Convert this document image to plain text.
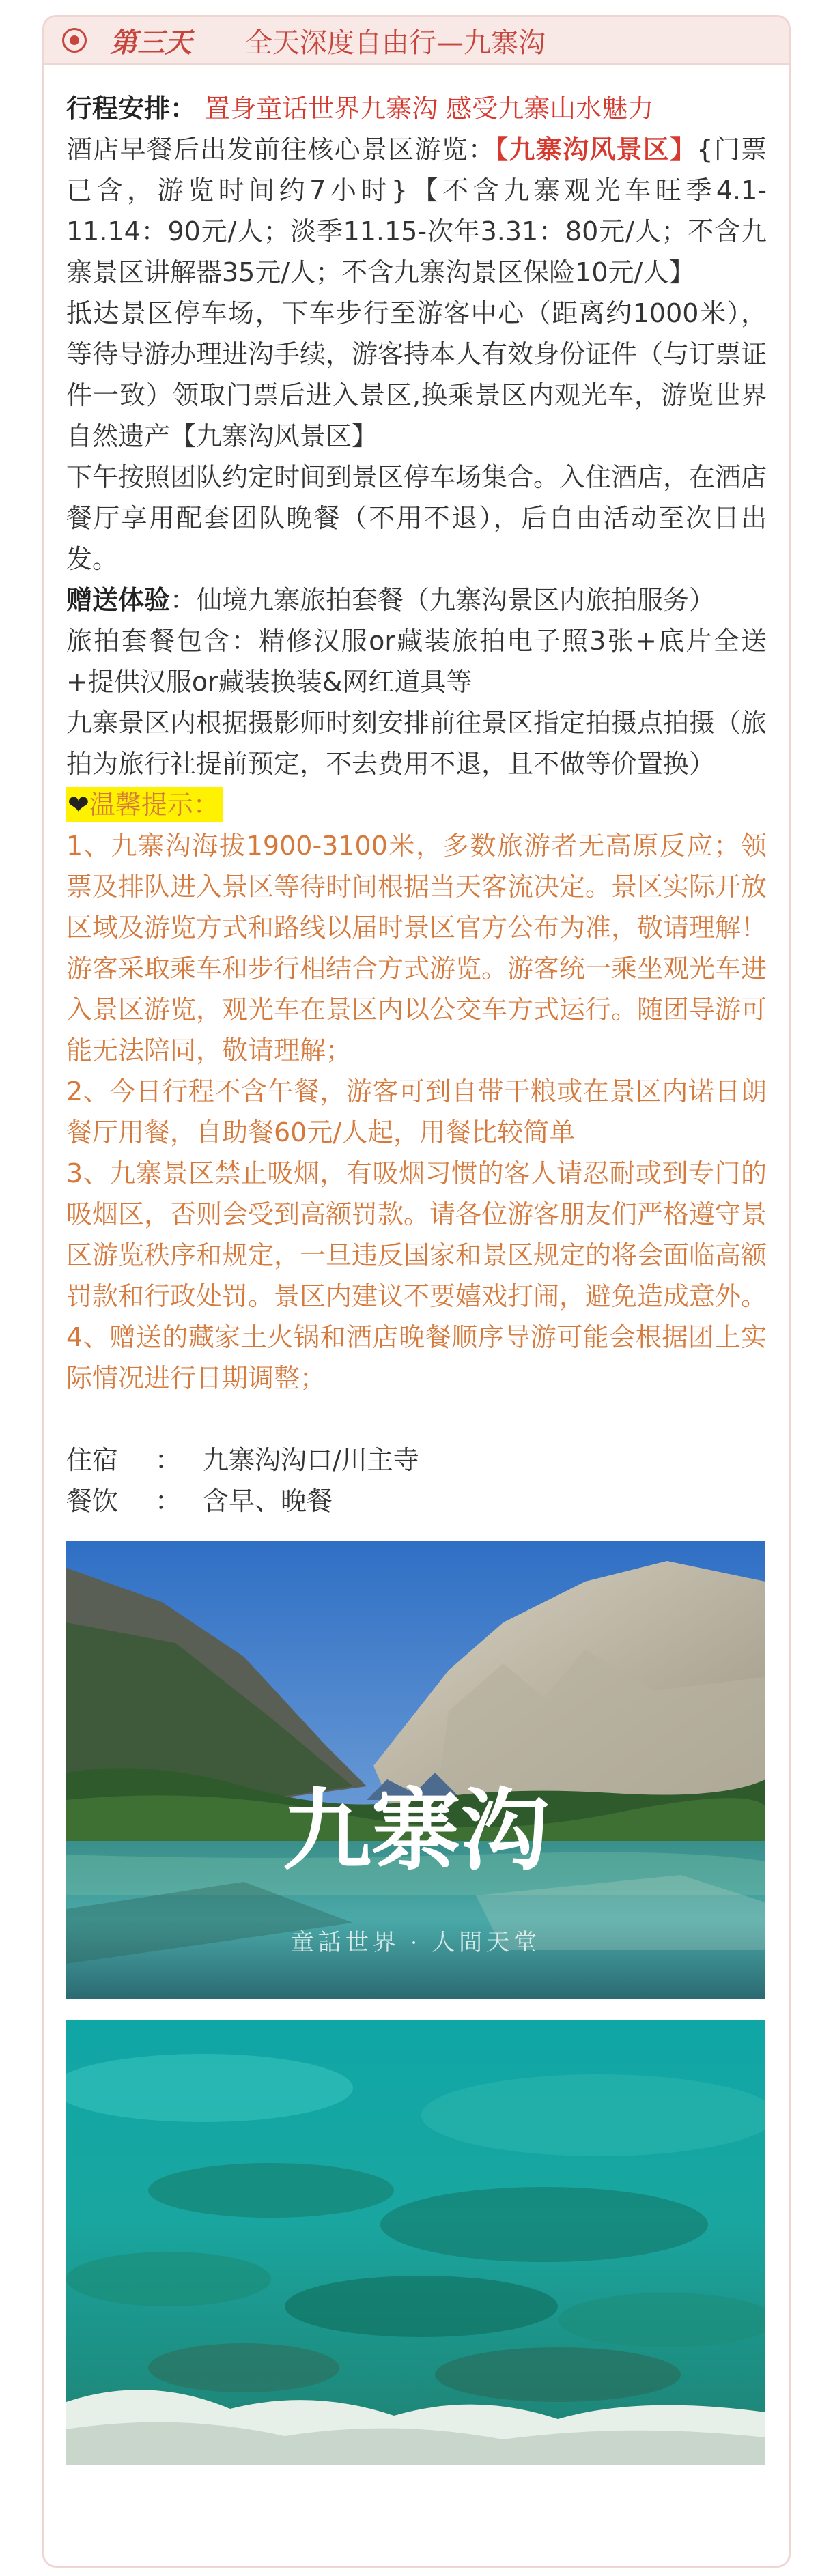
第三天 全天深度自由行—九寨沟

行程安排： 置身童话世界九寨沟 感受九寨山水魅力

酒店早餐后出发前往核心景区游览：【九寨沟风景区】{门票已含，游览时间约7小时}【不含九寨观光车旺季4.1-11.14：90元/人；淡季11.15-次年3.31：80元/人；不含九寨景区讲解器35元/人；不含九寨沟景区保险10元/人】

抵达景区停车场，下车步行至游客中心（距离约1000米），等待导游办理进沟手续，游客持本人有效身份证件（与订票证件一致）领取门票后进入景区,换乘景区内观光车，游览世界自然遗产【九寨沟风景区】

下午按照团队约定时间到景区停车场集合。入住酒店，在酒店餐厅享用配套团队晚餐（不用不退），后自由活动至次日出发。

赠送体验：仙境九寨旅拍套餐（九寨沟景区内旅拍服务）

旅拍套餐包含：精修汉服or藏装旅拍电子照3张+底片全送+提供汉服or藏装换装&网红道具等

九寨景区内根据摄影师时刻安排前往景区指定拍摄点拍摄（旅拍为旅行社提前预定，不去费用不退，且不做等价置换）

❤温馨提示：

1、九寨沟海拔1900-3100米，多数旅游者无高原反应；领票及排队进入景区等待时间根据当天客流决定。景区实际开放区域及游览方式和路线以届时景区官方公布为准，敬请理解！游客采取乘车和步行相结合方式游览。游客统一乘坐观光车进入景区游览，观光车在景区内以公交车方式运行。随团导游可能无法陪同，敬请理解；

2、今日行程不含午餐，游客可到自带干粮或在景区内诺日朗餐厅用餐，自助餐60元/人起，用餐比较简单

3、九寨景区禁止吸烟，有吸烟习惯的客人请忍耐或到专门的吸烟区，否则会受到高额罚款。请各位游客朋友们严格遵守景区游览秩序和规定，一旦违反国家和景区规定的将会面临高额罚款和行政处罚。景区内建议不要嬉戏打闹，避免造成意外。

4、赠送的藏家土火锅和酒店晚餐顺序导游可能会根据团上实际情况进行日期调整；

住宿	： 九寨沟沟口/川主寺
餐饮	： 含早、晚餐
九寨沟
童話世界 · 人間天堂
